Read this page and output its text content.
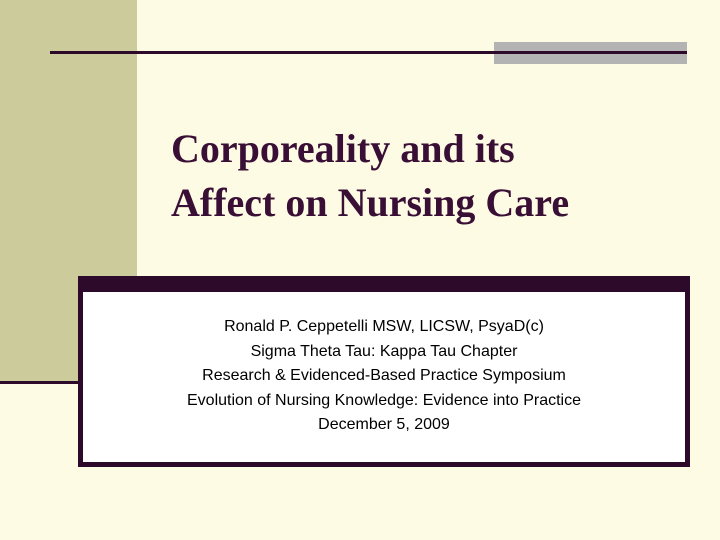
Corporeality and its
Affect on Nursing Care
Ronald P. Ceppetelli MSW, LICSW, PsyaD(c)
Sigma Theta Tau: Kappa Tau Chapter
Research & Evidenced-Based Practice Symposium
Evolution of Nursing Knowledge: Evidence into Practice
December 5, 2009
